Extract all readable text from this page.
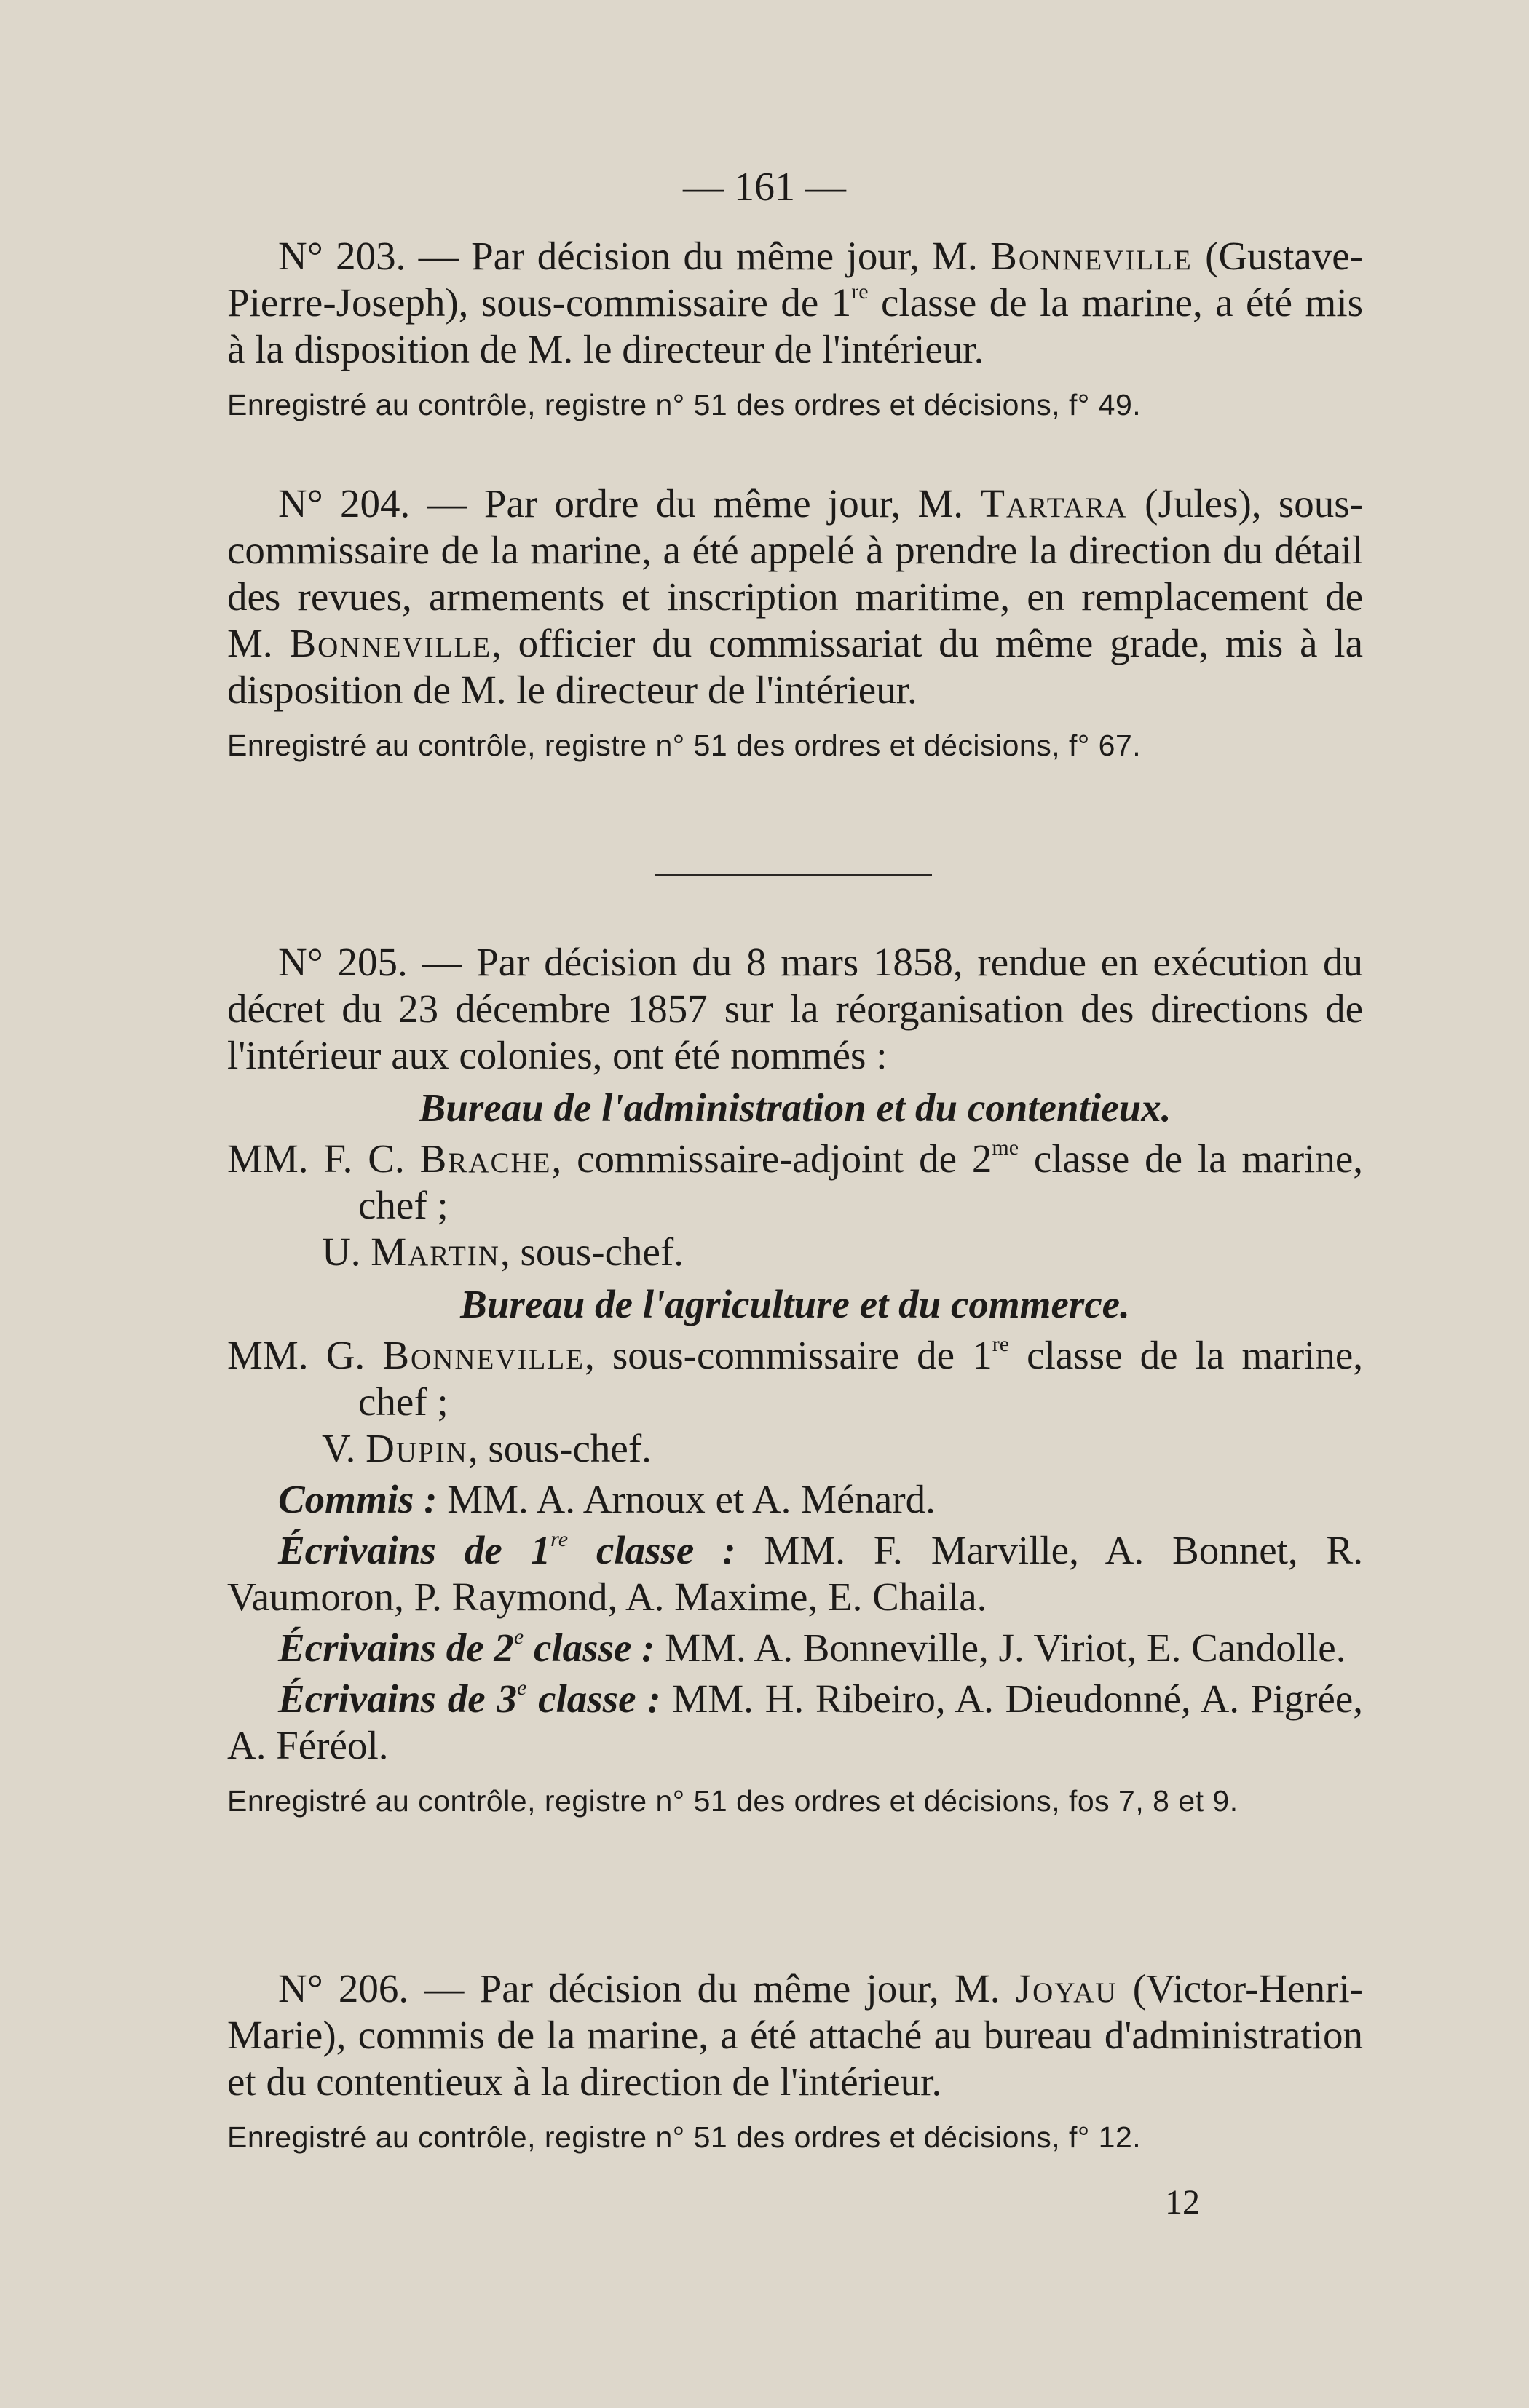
— 161 —

N° 203. — Par décision du même jour, M. Bonneville (Gustave-Pierre-Joseph), sous-commissaire de 1re classe de la marine, a été mis à la disposition de M. le directeur de l'intérieur.

Enregistré au contrôle, registre n° 51 des ordres et décisions, f° 49.

N° 204. — Par ordre du même jour, M. Tartara (Jules), sous-commissaire de la marine, a été appelé à prendre la direction du détail des revues, armements et inscription maritime, en remplacement de M. Bonneville, officier du commissariat du même grade, mis à la disposition de M. le directeur de l'intérieur.

Enregistré au contrôle, registre n° 51 des ordres et décisions, f° 67.

N° 205. — Par décision du 8 mars 1858, rendue en exécution du décret du 23 décembre 1857 sur la réorganisation des directions de l'intérieur aux colonies, ont été nommés :

Bureau de l'administration et du contentieux.

MM. F. C. Brache, commissaire-adjoint de $2^{me}$ classe de la marine, chef ;

U. Martin, sous-chef.

Bureau de l'agriculture et du commerce.

MM. G. Bonneville, sous-commissaire de 1re classe de la marine, chef ;

V. Dupin, sous-chef.

Commis : MM. A. Arnoux et A. Ménard.

Écrivains de 1re classe : MM. F. Marville, A. Bonnet, R. Vaumoron, P. Raymond, A. Maxime, E. Chaila.

Écrivains de 2e classe : MM. A. Bonneville, J. Viriot, E. Candolle.

Écrivains de 3e classe : MM. H. Ribeiro, A. Dieudonné, A. Pigrée, A. Féréol.

Enregistré au contrôle, registre n° 51 des ordres et décisions, fos 7, 8 et 9.

N° 206. — Par décision du même jour, M. Joyau (Victor-Henri-Marie), commis de la marine, a été attaché au bureau d'administration et du contentieux à la direction de l'intérieur.

Enregistré au contrôle, registre n° 51 des ordres et décisions, f° 12.

12
